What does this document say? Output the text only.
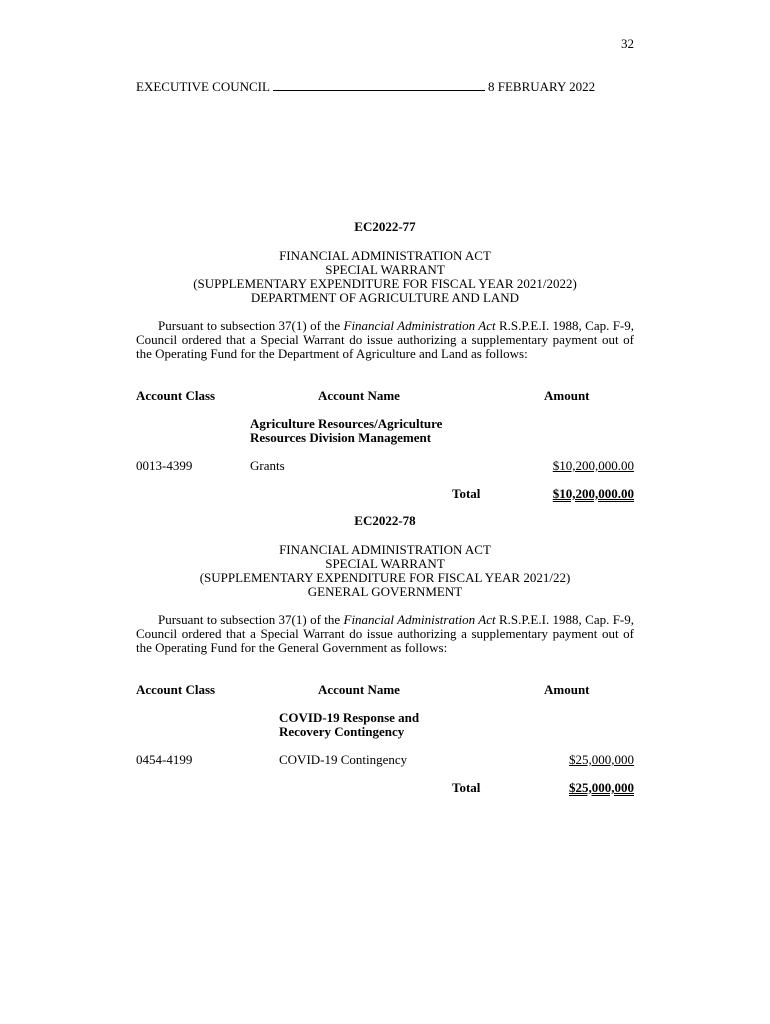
32
EXECUTIVE COUNCIL	8 FEBRUARY 2022
EC2022-77
FINANCIAL ADMINISTRATION ACT
SPECIAL WARRANT
(SUPPLEMENTARY EXPENDITURE FOR FISCAL YEAR 2021/2022)
DEPARTMENT OF AGRICULTURE AND LAND
Pursuant to subsection 37(1) of the Financial Administration Act R.S.P.E.I. 1988, Cap. F-9, Council ordered that a Special Warrant do issue authorizing a supplementary payment out of the Operating Fund for the Department of Agriculture and Land as follows:
Account Class	Account Name	Amount
Agriculture Resources/Agriculture
Resources Division Management
0013-4399	Grants	$10,200,000.00
Total	$10,200,000.00
EC2022-78
FINANCIAL ADMINISTRATION ACT
SPECIAL WARRANT
(SUPPLEMENTARY EXPENDITURE FOR FISCAL YEAR 2021/22)
GENERAL GOVERNMENT
Pursuant to subsection 37(1) of the Financial Administration Act R.S.P.E.I. 1988, Cap. F-9, Council ordered that a Special Warrant do issue authorizing a supplementary payment out of the Operating Fund for the General Government as follows:
Account Class	Account Name	Amount
COVID-19 Response and
Recovery Contingency
0454-4199	COVID-19 Contingency	$25,000,000
Total	$25,000,000
